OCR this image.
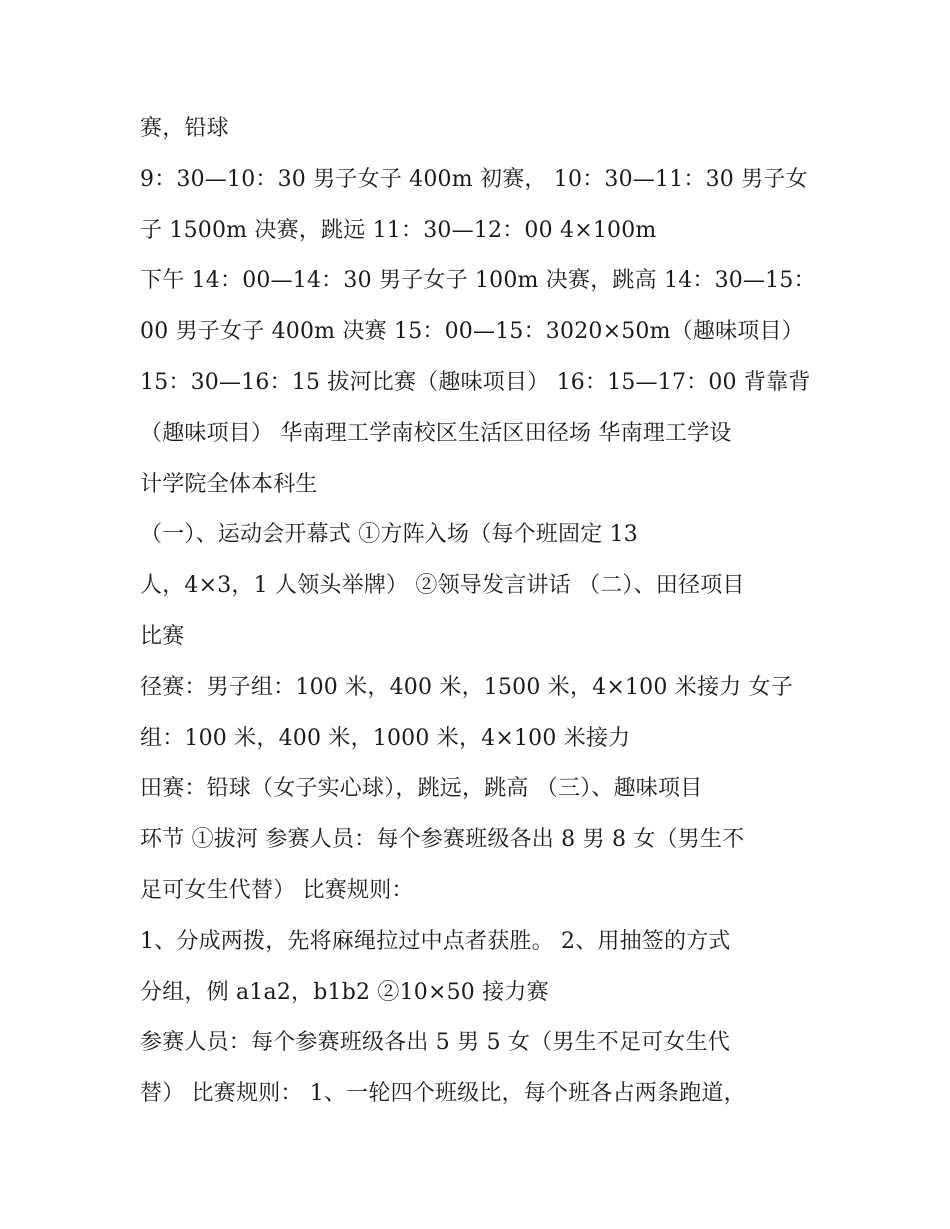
赛，铅球
9：30—10：30 男子女子 400m 初赛， 10：30—11：30 男子女
子 1500m 决赛，跳远 11：30—12：00 4×100m
下午 14：00—14：30 男子女子 100m 决赛，跳高 14：30—15：
00 男子女子 400m 决赛 15：00—15：3020×50m（趣味项目）
15：30—16：15 拔河比赛（趣味项目） 16：15—17：00 背靠背
（趣味项目） 华南理工学南校区生活区田径场 华南理工学设
计学院全体本科生
（一）、运动会开幕式 ①方阵入场（每个班固定 13
人，4×3，1 人领头举牌） ②领导发言讲话 （二）、田径项目
比赛
径赛：男子组：100 米，400 米，1500 米，4×100 米接力 女子
组：100 米，400 米，1000 米，4×100 米接力
田赛：铅球（女子实心球），跳远，跳高 （三）、趣味项目
环节 ①拔河 参赛人员：每个参赛班级各出 8 男 8 女（男生不
足可女生代替） 比赛规则：
1、分成两拨，先将麻绳拉过中点者获胜。 2、用抽签的方式
分组，例 a1a2，b1b2 ②10×50 接力赛
参赛人员：每个参赛班级各出 5 男 5 女（男生不足可女生代
替） 比赛规则： 1、一轮四个班级比，每个班各占两条跑道，
